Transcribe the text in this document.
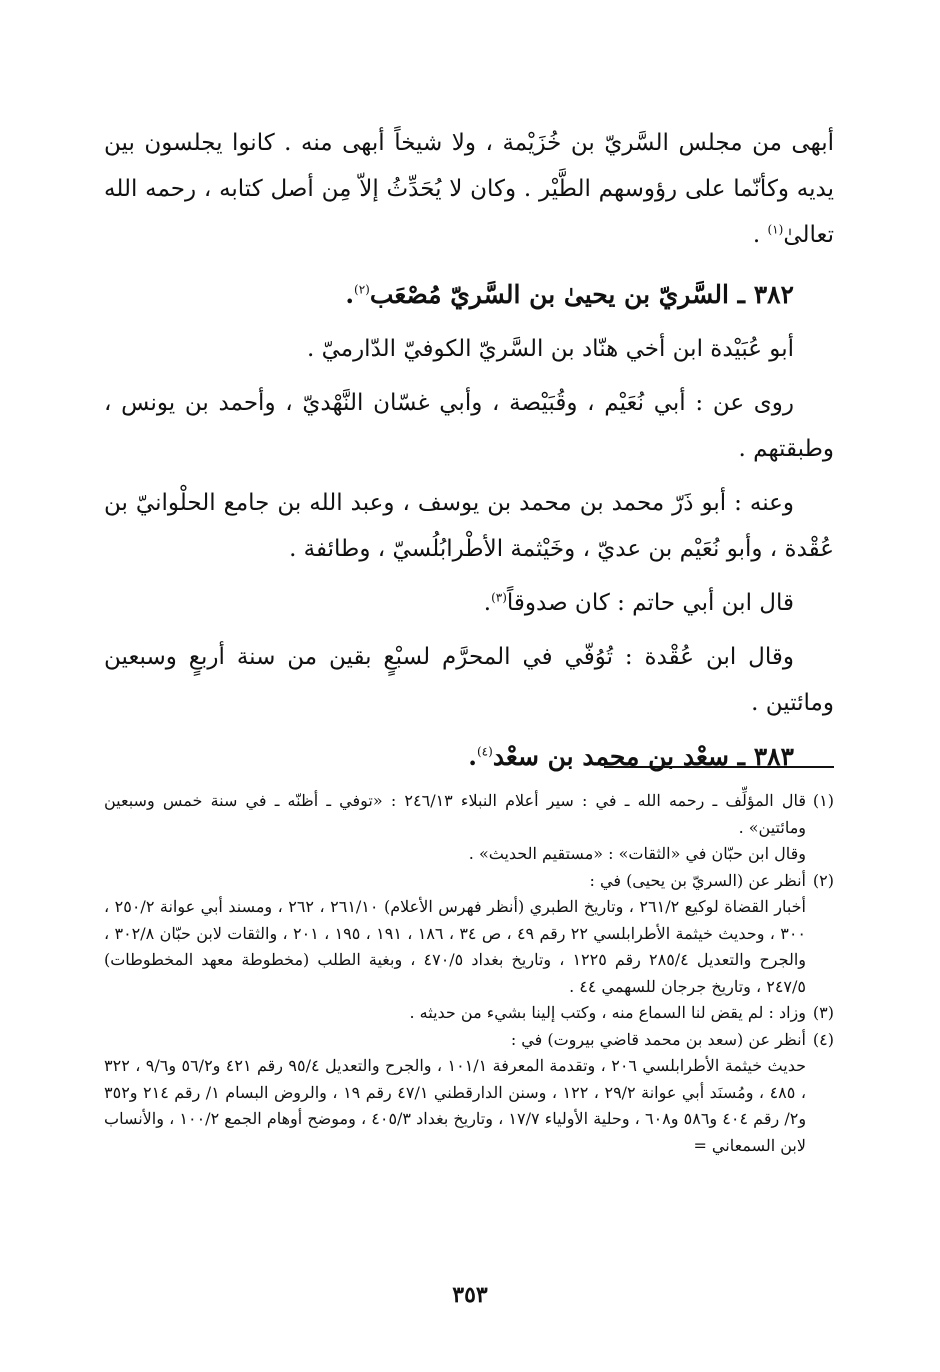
أبهى من مجلس السَّريّ بن خُزَيْمة ، ولا شيخاً أبهى منه . كانوا يجلسون بين يديه وكأنّما على رؤوسهم الطَّيْر . وكان لا يُحَدِّثُ إلاّ مِن أصل كتابه ، رحمه الله تعالىٰ$^{(١)}$ .

٣٨٢ ـ السَّريّ بن يحيىٰ بن السَّريّ مُصْعَب$^{(٢)}$.

أبو عُبَيْدة ابن أخي هنّاد بن السَّريّ الكوفيّ الدّارميّ .

روى عن : أبي نُعَيْم ، وقُبَيْصة ، وأبي غسّان النَّهْديّ ، وأحمد بن يونس ، وطبقتهم .

وعنه : أبو ذَرّ محمد بن محمد بن يوسف ، وعبد الله بن جامع الحلْوانيّ بن عُقْدة ، وأبو نُعَيْم بن عديّ ، وخَيْثمة الأطْرابُلُسيّ ، وطائفة .

قال ابن أبي حاتم : كان صدوقاً$^{(٣)}$.

وقال ابن عُقْدة : تُوُفّي في المحرَّم لسبْعٍ بقين من سنة أربعٍ وسبعين ومائتين .

٣٨٣ ـ سعْد بن محمد بن سعْد$^{(٤)}$.

(١)
قال المؤلِّف ـ رحمه الله ـ في : سير أعلام النبلاء ٢٤٦/١٣ : «توفي ـ أظنّه ـ في سنة خمس وسبعين ومائتين» .
وقال ابن حبّان في «الثقات» : «مستقيم الحديث» .
(٢)
أنظر عن (السريّ بن يحيى) في :
أخبار القضاة لوكيع ٢٦١/٢ ، وتاريخ الطبري (أنظر فهرس الأعلام) ٢٦١/١٠ ، ٢٦٢ ، ومسند أبي عوانة ٢٥٠/٢ ، ٣٠٠ ، وحديث خيثمة الأطرابلسي ٢٢ رقم ٤٩ ، ص ٣٤ ، ١٨٦ ، ١٩١ ، ١٩٥ ، ٢٠١ ، والثقات لابن حبّان ٣٠٢/٨ ، والجرح والتعديل ٢٨٥/٤ رقم ١٢٢٥ ، وتاريخ بغداد ٤٧٠/٥ ، وبغية الطلب (مخطوطة معهد المخطوطات) ٢٤٧/٥ ، وتاريخ جرجان للسهمي ٤٤ .
(٣)
وزاد : لم يقض لنا السماع منه ، وكتب إلينا بشيء من حديثه .
(٤)
أنظر عن (سعد بن محمد قاضي بيروت) في :
حديث خيثمة الأطرابلسي ٢٠٦ ، وتقدمة المعرفة ١٠١/١ ، والجرح والتعديل ٩٥/٤ رقم ٤٢١ و٥٦/٢ و٩/٦ ، ٣٢٢ ، ٤٨٥ ، ومُسنَد أبي عوانة ٢٩/٢ ، ١٢٢ ، وسنن الدارقطني ٤٧/١ رقم ١٩ ، والروض البسام ١/ رقم ٢١٤ و٣٥٢ و٢/ رقم ٤٠٤ و٥٨٦ و٦٠٨ ، وحلية الأولياء ١٧/٧ ، وتاريخ بغداد ٤٠٥/٣ ، وموضح أوهام الجمع ١٠٠/٢ ، والأنساب لابن السمعاني =
٣٥٣
